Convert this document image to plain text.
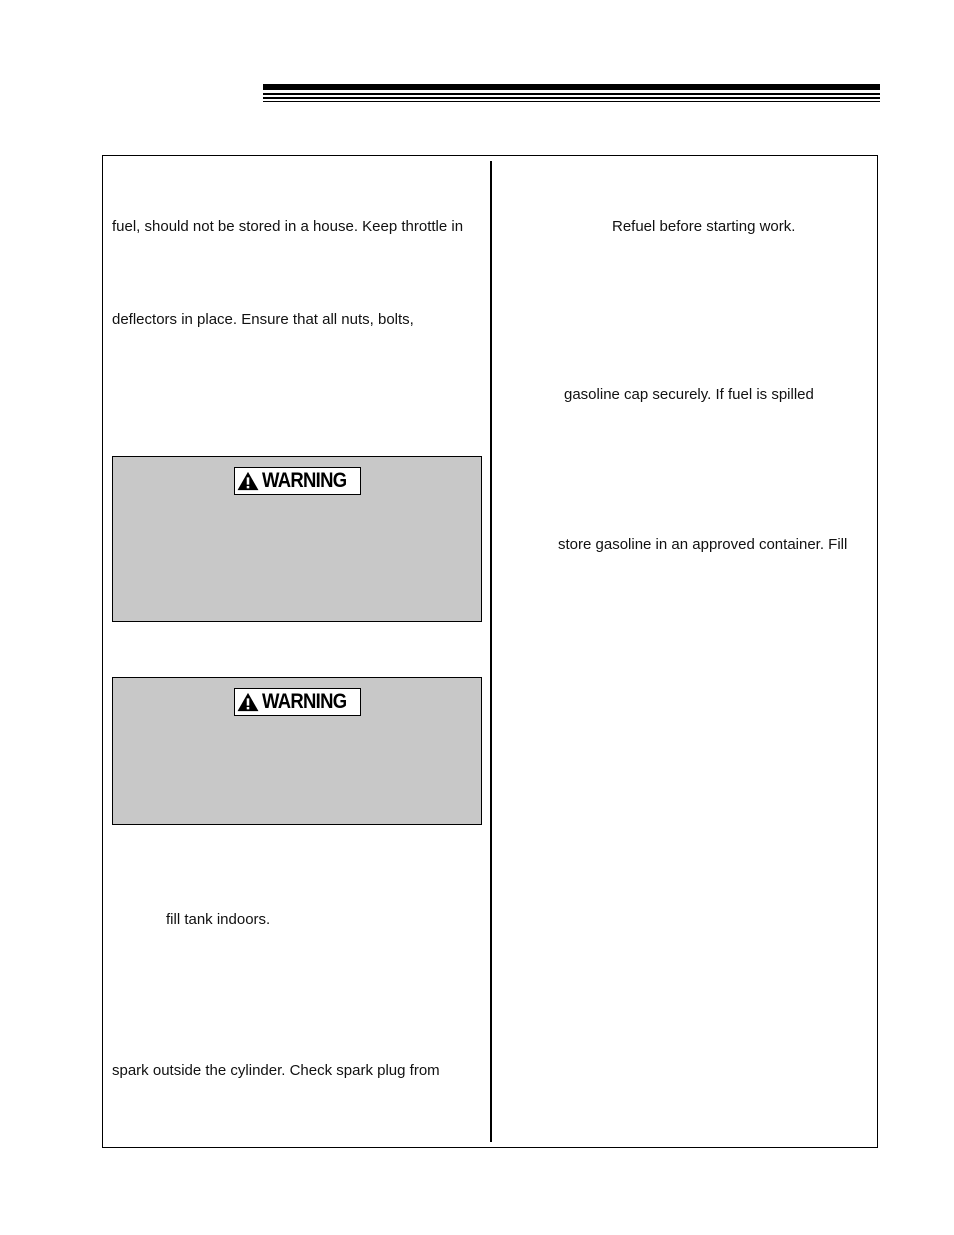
fuel, should not be stored in a house. Keep throttle in
deflectors in place. Ensure that all nuts, bolts,
WARNING
WARNING
fill tank indoors.
spark outside the cylinder. Check spark plug from
Refuel before starting work.
gasoline cap securely. If fuel is spilled
store gasoline in an approved container. Fill
